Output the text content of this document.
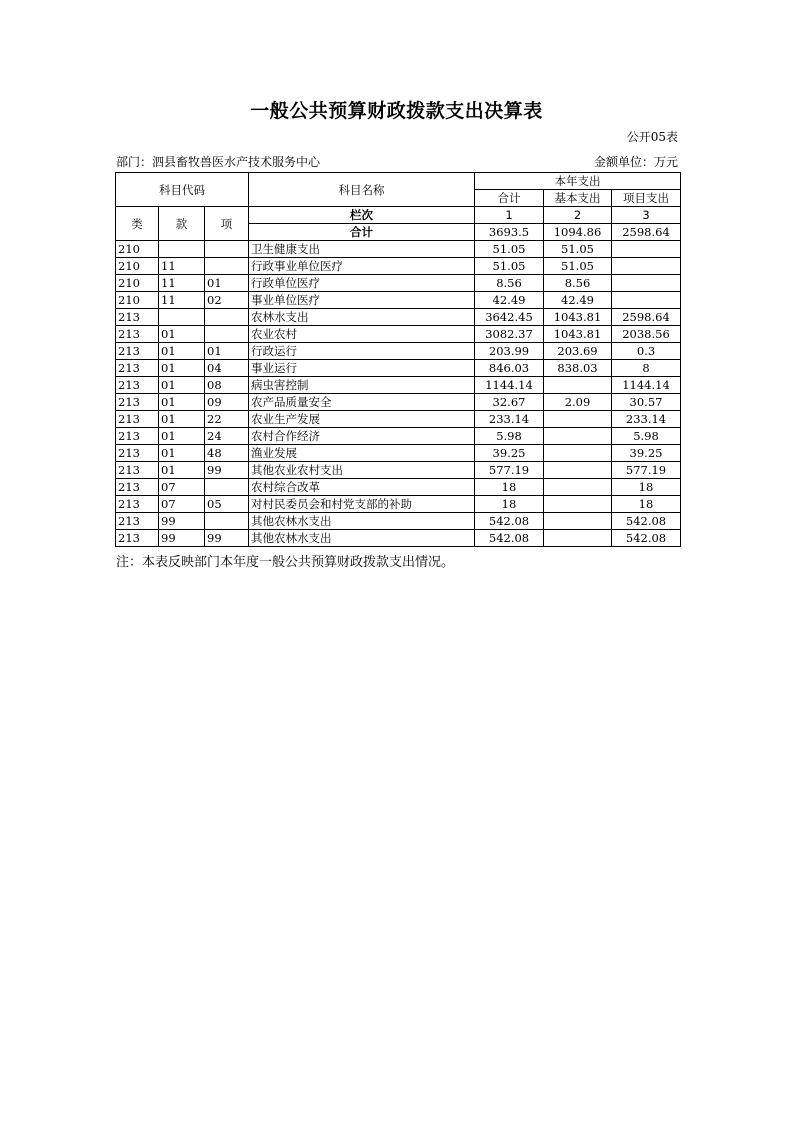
一般公共预算财政拨款支出决算表
公开05表
部门：泗县畜牧兽医水产技术服务中心	金额单位：万元
科目代码			科目名称	本年支出		
				合计	基本支出	项目支出
类	款	项	栏次	1	2	3
			合计	3693.5	1094.86	2598.64
210			卫生健康支出	51.05	51.05	
210	11		行政事业单位医疗	51.05	51.05	
210	11	01	行政单位医疗	8.56	8.56	
210	11	02	事业单位医疗	42.49	42.49	
213			农林水支出	3642.45	1043.81	2598.64
213	01		农业农村	3082.37	1043.81	2038.56
213	01	01	行政运行	203.99	203.69	0.3
213	01	04	事业运行	846.03	838.03	8
213	01	08	病虫害控制	1144.14		1144.14
213	01	09	农产品质量安全	32.67	2.09	30.57
213	01	22	农业生产发展	233.14		233.14
213	01	24	农村合作经济	5.98		5.98
213	01	48	渔业发展	39.25		39.25
213	01	99	其他农业农村支出	577.19		577.19
213	07		农村综合改革	18		18
213	07	05	对村民委员会和村党支部的补助	18		18
213	99		其他农林水支出	542.08		542.08
213	99	99	其他农林水支出	542.08		542.08
注：本表反映部门本年度一般公共预算财政拨款支出情况。
